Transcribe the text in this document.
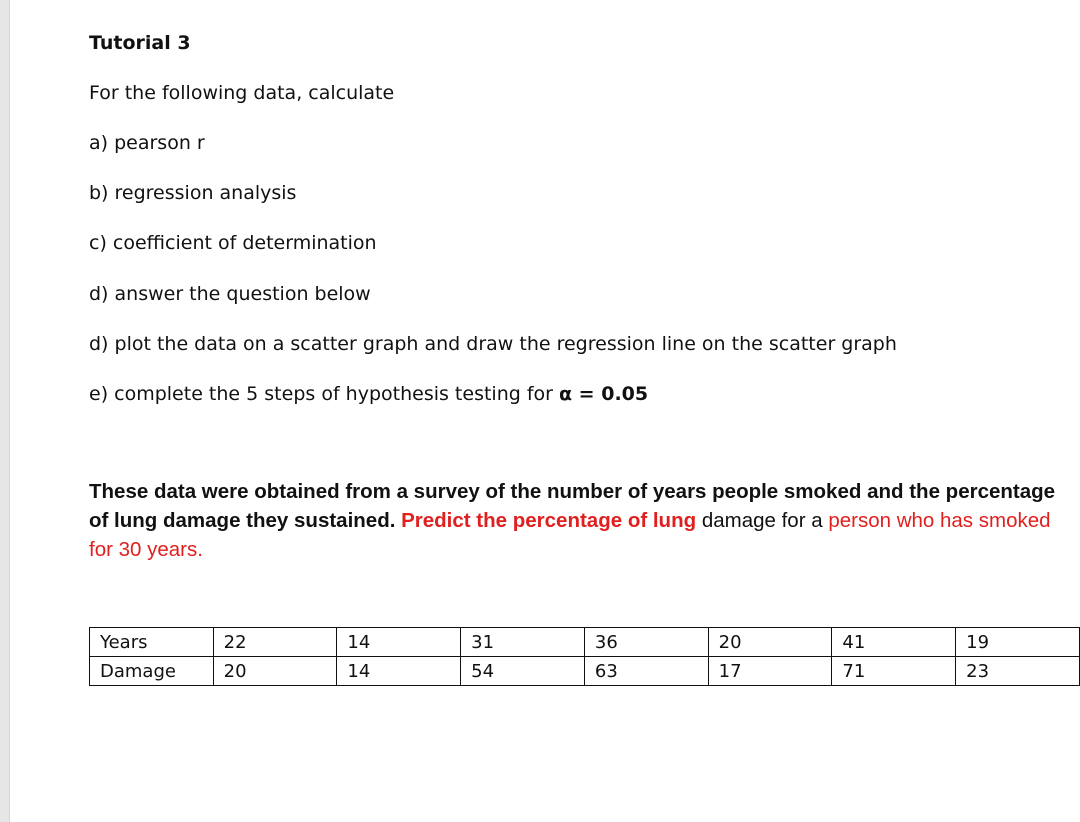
Tutorial 3
For the following data, calculate
a) pearson r
b) regression analysis
c) coefficient of determination
d) answer the question below
d) plot the data on a scatter graph and draw the regression line on the scatter graph
e) complete the 5 steps of hypothesis testing for α = 0.05
These data were obtained from a survey of the number of years people smoked and the percentage of lung damage they sustained. Predict the percentage of lung damage for a person who has smoked for 30 years.
Years	22	14	31	36	20	41	19
Damage	20	14	54	63	17	71	23
